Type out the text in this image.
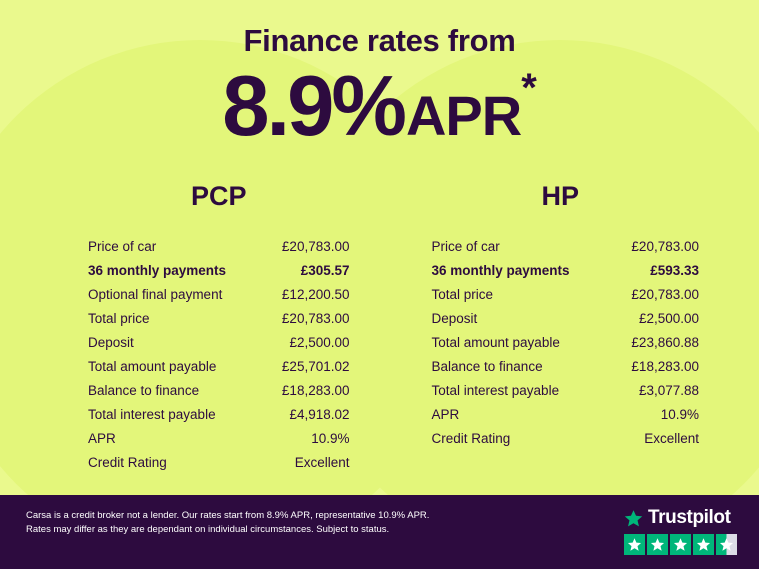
Finance rates from
8.9%APR*
PCP
Price of car	£20,783.00
36 monthly payments	£305.57
Optional final payment	£12,200.50
Total price	£20,783.00
Deposit	£2,500.00
Total amount payable	£25,701.02
Balance to finance	£18,283.00
Total interest payable	£4,918.02
APR	10.9%
Credit Rating	Excellent
HP
Price of car	£20,783.00
36 monthly payments	£593.33
Total price	£20,783.00
Deposit	£2,500.00
Total amount payable	£23,860.88
Balance to finance	£18,283.00
Total interest payable	£3,077.88
APR	10.9%
Credit Rating	Excellent
Carsa is a credit broker not a lender. Our rates start from 8.9% APR, representative 10.9% APR.
Rates may differ as they are dependant on individual circumstances. Subject to status.
Trustpilot
